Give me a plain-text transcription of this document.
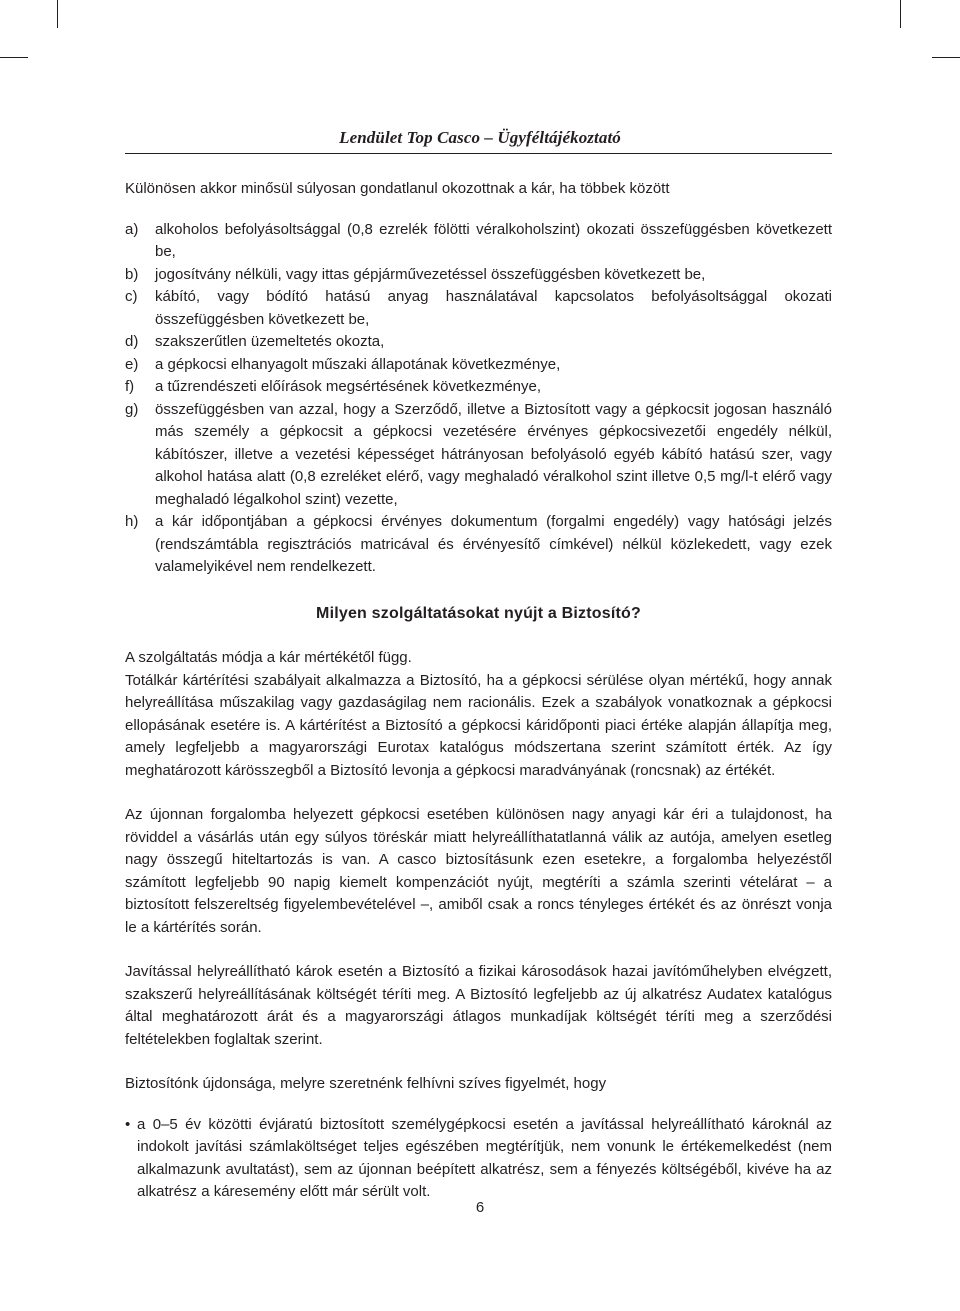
Lendület Top Casco – Ügyféltájékoztató

Különösen akkor minősül súlyosan gondatlanul okozottnak a kár, ha többek között

a) alkoholos befolyásoltsággal (0,8 ezrelék fölötti véralkoholszint) okozati összefüggésben következett be,
b) jogosítvány nélküli, vagy ittas gépjárművezetéssel összefüggésben következett be,
c) kábító, vagy bódító hatású anyag használatával kapcsolatos befolyásoltsággal okozati összefüggésben következett be,
d) szakszerűtlen üzemeltetés okozta,
e) a gépkocsi elhanyagolt műszaki állapotának következménye,
f) a tűzrendészeti előírások megsértésének következménye,
g) összefüggésben van azzal, hogy a Szerződő, illetve a Biztosított vagy a gépkocsit jogosan használó más személy a gépkocsit a gépkocsi vezetésére érvényes gépkocsivezetői engedély nélkül, kábítószer, illetve a vezetési képességet hátrányosan befolyásoló egyéb kábító hatású szer, vagy alkohol hatása alatt (0,8 ezreléket elérő, vagy meghaladó véralkohol szint illetve 0,5 mg/l-t elérő vagy meghaladó légalkohol szint) vezette,
h) a kár időpontjában a gépkocsi érvényes dokumentum (forgalmi engedély) vagy hatósági jelzés (rendszámtábla regisztrációs matricával és érvényesítő címkével) nélkül közlekedett, vagy ezek valamelyikével nem rendelkezett.

Milyen szolgáltatásokat nyújt a Biztosító?

A szolgáltatás módja a kár mértékétől függ.

Totálkár kártérítési szabályait alkalmazza a Biztosító, ha a gépkocsi sérülése olyan mértékű, hogy annak helyreállítása műszakilag vagy gazdaságilag nem racionális. Ezek a szabályok vonatkoznak a gépkocsi ellopásának esetére is. A kártérítést a Biztosító a gépkocsi káridőponti piaci értéke alapján állapítja meg, amely legfeljebb a magyarországi Eurotax katalógus módszertana szerint számított érték. Az így meghatározott kárösszegből a Biztosító levonja a gépkocsi maradványának (roncsnak) az értékét.

Az újonnan forgalomba helyezett gépkocsi esetében különösen nagy anyagi kár éri a tulajdonost, ha röviddel a vásárlás után egy súlyos töréskár miatt helyreállíthatatlanná válik az autója, amelyen esetleg nagy összegű hiteltartozás is van. A casco biztosításunk ezen esetekre, a forgalomba helyezéstől számított legfeljebb 90 napig kiemelt kompenzációt nyújt, megtéríti a számla szerinti vételárat – a biztosított felszereltség figyelembevételével –, amiből csak a roncs tényleges értékét és az önrészt vonja le a kártérítés során.

Javítással helyreállítható károk esetén a Biztosító a fizikai károsodások hazai javítóműhelyben elvégzett, szakszerű helyreállításának költségét téríti meg. A Biztosító legfeljebb az új alkatrész Audatex katalógus által meghatározott árát és a magyarországi átlagos munkadíjak költségét téríti meg a szerződési feltételekben foglaltak szerint.

Biztosítónk újdonsága, melyre szeretnénk felhívni szíves figyelmét, hogy

• a 0–5 év közötti évjáratú biztosított személygépkocsi esetén a javítással helyreállítható károknál az indokolt javítási számlaköltséget teljes egészében megtérítjük, nem vonunk le értékemelkedést (nem alkalmazunk avultatást), sem az újonnan beépített alkatrész, sem a fényezés költségéből, kivéve ha az alkatrész a káresemény előtt már sérült volt.
6
